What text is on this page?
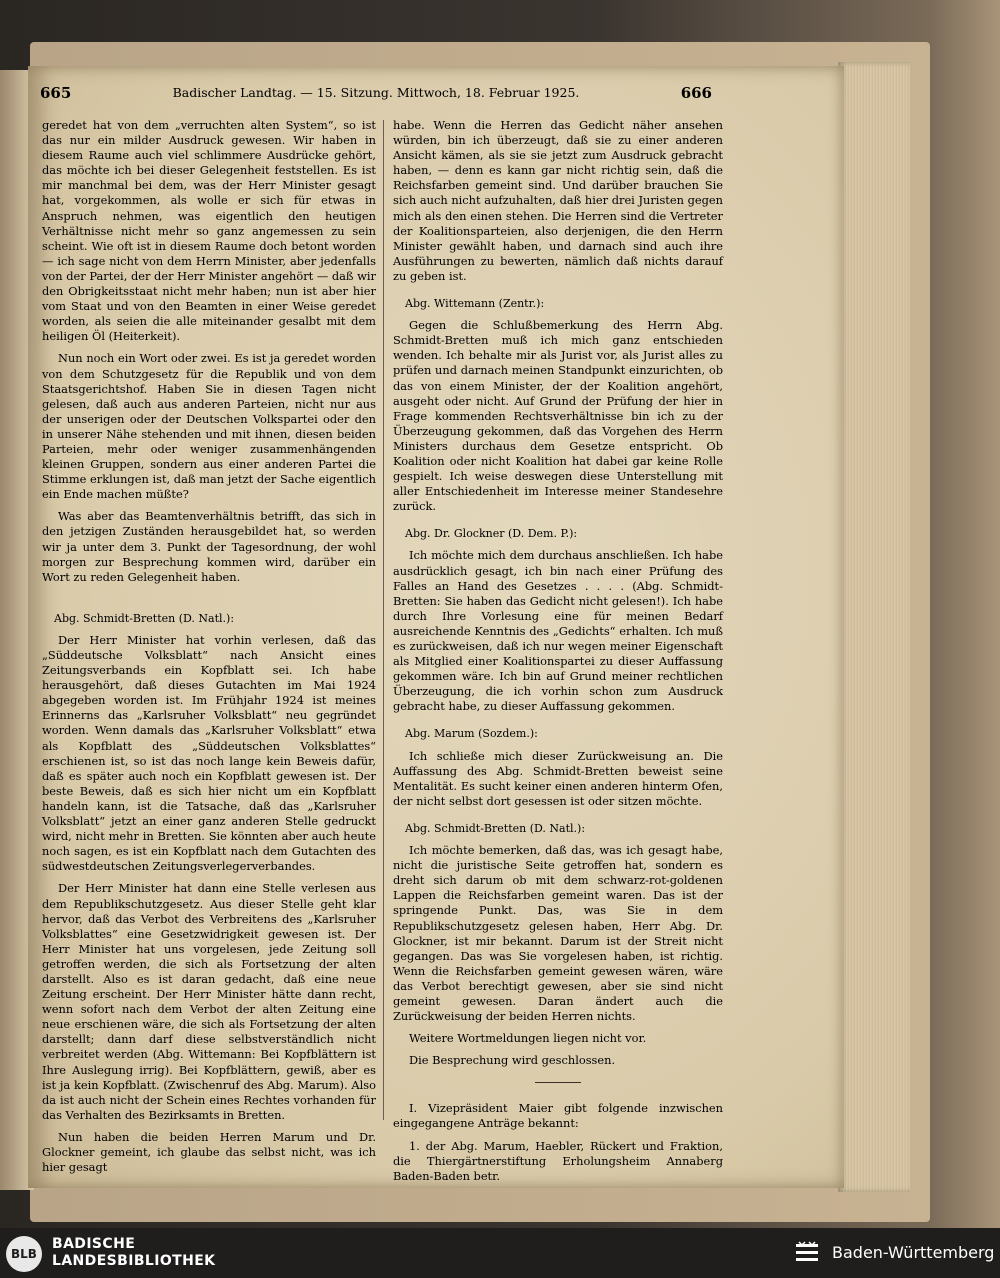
665	Badischer Landtag. — 15. Sitzung. Mittwoch, 18. Februar 1925.	666

geredet hat von dem „verruchten alten System“, so ist das nur ein milder Ausdruck gewesen. Wir haben in diesem Raume auch viel schlimmere Ausdrücke gehört, das möchte ich bei dieser Gelegenheit feststellen. Es ist mir manchmal bei dem, was der Herr Minister gesagt hat, vorgekommen, als wolle er sich für etwas in Anspruch nehmen, was eigentlich den heutigen Verhältnisse nicht mehr so ganz angemessen zu sein scheint. Wie oft ist in diesem Raume doch betont worden — ich sage nicht von dem Herrn Minister, aber jedenfalls von der Partei, der der Herr Minister angehört — daß wir den Obrigkeitsstaat nicht mehr haben; nun ist aber hier vom Staat und von den Beamten in einer Weise geredet worden, als seien die alle miteinander gesalbt mit dem heiligen Öl (Heiterkeit).

Nun noch ein Wort oder zwei. Es ist ja geredet worden von dem Schutzgesetz für die Republik und von dem Staatsgerichtshof. Haben Sie in diesen Tagen nicht gelesen, daß auch aus anderen Parteien, nicht nur aus der unserigen oder der Deutschen Volkspartei oder den in unserer Nähe stehenden und mit ihnen, diesen beiden Parteien, mehr oder weniger zusammenhängenden kleinen Gruppen, sondern aus einer anderen Partei die Stimme erklungen ist, daß man jetzt der Sache eigentlich ein Ende machen müßte?

Was aber das Beamtenverhältnis betrifft, das sich in den jetzigen Zuständen herausgebildet hat, so werden wir ja unter dem 3. Punkt der Tagesordnung, der wohl morgen zur Besprechung kommen wird, darüber ein Wort zu reden Gelegenheit haben.

Abg. Schmidt-Bretten (D. Natl.):

Der Herr Minister hat vorhin verlesen, daß das „Süddeutsche Volksblatt“ nach Ansicht eines Zeitungsverbands ein Kopfblatt sei. Ich habe herausgehört, daß dieses Gutachten im Mai 1924 abgegeben worden ist. Im Frühjahr 1924 ist meines Erinnerns das „Karlsruher Volksblatt“ neu gegründet worden. Wenn damals das „Karlsruher Volksblatt“ etwa als Kopfblatt des „Süddeutschen Volksblattes“ erschienen ist, so ist das noch lange kein Beweis dafür, daß es später auch noch ein Kopfblatt gewesen ist. Der beste Beweis, daß es sich hier nicht um ein Kopfblatt handeln kann, ist die Tatsache, daß das „Karlsruher Volksblatt“ jetzt an einer ganz anderen Stelle gedruckt wird, nicht mehr in Bretten. Sie könnten aber auch heute noch sagen, es ist ein Kopfblatt nach dem Gutachten des südwestdeutschen Zeitungsverlegerverbandes.

Der Herr Minister hat dann eine Stelle verlesen aus dem Republikschutzgesetz. Aus dieser Stelle geht klar hervor, daß das Verbot des Verbreitens des „Karlsruher Volksblattes“ eine Gesetzwidrigkeit gewesen ist. Der Herr Minister hat uns vorgelesen, jede Zeitung soll getroffen werden, die sich als Fortsetzung der alten darstellt. Also es ist daran gedacht, daß eine neue Zeitung erscheint. Der Herr Minister hätte dann recht, wenn sofort nach dem Verbot der alten Zeitung eine neue erschienen wäre, die sich als Fortsetzung der alten darstellt; dann darf diese selbstverständlich nicht verbreitet werden (Abg. Wittemann: Bei Kopfblättern ist Ihre Auslegung irrig). Bei Kopfblättern, gewiß, aber es ist ja kein Kopfblatt. (Zwischenruf des Abg. Marum). Also da ist auch nicht der Schein eines Rechtes vorhanden für das Verhalten des Bezirksamts in Bretten.

Nun haben die beiden Herren Marum und Dr. Glockner gemeint, ich glaube das selbst nicht, was ich hier gesagt

habe. Wenn die Herren das Gedicht näher ansehen würden, bin ich überzeugt, daß sie zu einer anderen Ansicht kämen, als sie sie jetzt zum Ausdruck gebracht haben, — denn es kann gar nicht richtig sein, daß die Reichsfarben gemeint sind. Und darüber brauchen Sie sich auch nicht aufzuhalten, daß hier drei Juristen gegen mich als den einen stehen. Die Herren sind die Vertreter der Koalitionsparteien, also derjenigen, die den Herrn Minister gewählt haben, und darnach sind auch ihre Ausführungen zu bewerten, nämlich daß nichts darauf zu geben ist.

Abg. Wittemann (Zentr.):

Gegen die Schlußbemerkung des Herrn Abg. Schmidt-Bretten muß ich mich ganz entschieden wenden. Ich behalte mir als Jurist vor, als Jurist alles zu prüfen und darnach meinen Standpunkt einzurichten, ob das von einem Minister, der der Koalition angehört, ausgeht oder nicht. Auf Grund der Prüfung der hier in Frage kommenden Rechtsverhältnisse bin ich zu der Überzeugung gekommen, daß das Vorgehen des Herrn Ministers durchaus dem Gesetze entspricht. Ob Koalition oder nicht Koalition hat dabei gar keine Rolle gespielt. Ich weise deswegen diese Unterstellung mit aller Entschiedenheit im Interesse meiner Standesehre zurück.

Abg. Dr. Glockner (D. Dem. P.):

Ich möchte mich dem durchaus anschließen. Ich habe ausdrücklich gesagt, ich bin nach einer Prüfung des Falles an Hand des Gesetzes . . . . (Abg. Schmidt-Bretten: Sie haben das Gedicht nicht gelesen!). Ich habe durch Ihre Vorlesung eine für meinen Bedarf ausreichende Kenntnis des „Gedichts“ erhalten. Ich muß es zurückweisen, daß ich nur wegen meiner Eigenschaft als Mitglied einer Koalitionspartei zu dieser Auffassung gekommen wäre. Ich bin auf Grund meiner rechtlichen Überzeugung, die ich vorhin schon zum Ausdruck gebracht habe, zu dieser Auffassung gekommen.

Abg. Marum (Sozdem.):

Ich schließe mich dieser Zurückweisung an. Die Auffassung des Abg. Schmidt-Bretten beweist seine Mentalität. Es sucht keiner einen anderen hinterm Ofen, der nicht selbst dort gesessen ist oder sitzen möchte.

Abg. Schmidt-Bretten (D. Natl.):

Ich möchte bemerken, daß das, was ich gesagt habe, nicht die juristische Seite getroffen hat, sondern es dreht sich darum ob mit dem schwarz-rot-goldenen Lappen die Reichsfarben gemeint waren. Das ist der springende Punkt. Das, was Sie in dem Republikschutzgesetz gelesen haben, Herr Abg. Dr. Glockner, ist mir bekannt. Darum ist der Streit nicht gegangen. Das was Sie vorgelesen haben, ist richtig. Wenn die Reichsfarben gemeint gewesen wären, wäre das Verbot berechtigt gewesen, aber sie sind nicht gemeint gewesen. Daran ändert auch die Zurückweisung der beiden Herren nichts.

Weitere Wortmeldungen liegen nicht vor.

Die Besprechung wird geschlossen.

I. Vizepräsident Maier gibt folgende inzwischen eingegangene Anträge bekannt:

1. der Abg. Marum, Haebler, Rückert und Fraktion, die Thiergärtnerstiftung Erholungsheim Annaberg Baden-Baden betr.

BLB
BADISCHE
LANDESBIBLIOTHEK	Baden-Württemberg
